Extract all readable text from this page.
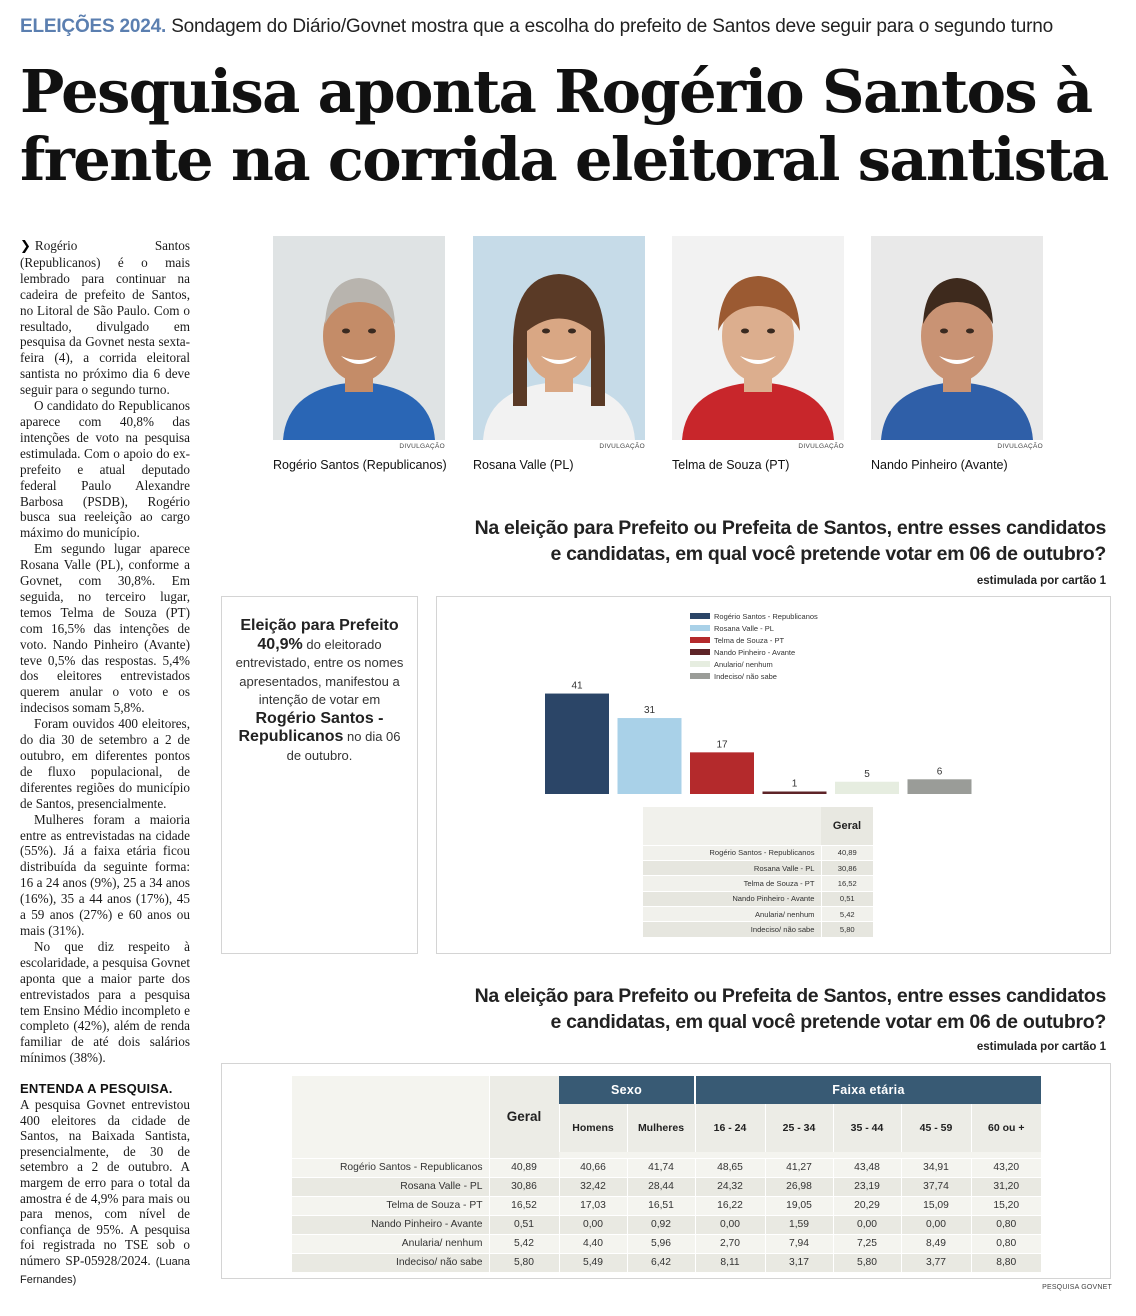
ELEIÇÕES 2024. Sondagem do Diário/Govnet mostra que a escolha do prefeito de Santos deve seguir para o segundo turno
Pesquisa aponta Rogério Santos à frente na corrida eleitoral santista

❯ Rogério Santos (Republicanos) é o mais lembrado para continuar na cadeira de prefeito de Santos, no Litoral de São Paulo. Com o resultado, divulgado em pesquisa da Govnet nesta sexta-feira (4), a corrida eleitoral santista no próximo dia 6 deve seguir para o segundo turno.

O candidato do Republicanos aparece com 40,8% das intenções de voto na pesquisa estimulada. Com o apoio do ex-prefeito e atual deputado federal Paulo Alexandre Barbosa (PSDB), Rogério busca sua reeleição ao cargo máximo do município.

Em segundo lugar aparece Rosana Valle (PL), conforme a Govnet, com 30,8%. Em seguida, no terceiro lugar, temos Telma de Souza (PT) com 16,5% das intenções de voto. Nando Pinheiro (Avante) teve 0,5% das respostas. 5,4% dos eleitores entrevistados querem anular o voto e os indecisos somam 5,8%.

Foram ouvidos 400 eleitores, do dia 30 de setembro a 2 de outubro, em diferentes pontos de fluxo populacional, de diferentes regiões do município de Santos, presencialmente.

Mulheres foram a maioria entre as entrevistadas na cidade (55%). Já a faixa etária ficou distribuída da seguinte forma: 16 a 24 anos (9%), 25 a 34 anos (16%), 35 a 44 anos (17%), 45 a 59 anos (27%) e 60 anos ou mais (31%).

No que diz respeito à escolaridade, a pesquisa Govnet aponta que a maior parte dos entrevistados para a pesquisa tem Ensino Médio incompleto e completo (42%), além de renda familiar de até dois salários mínimos (38%).

ENTENDA A PESQUISA.
A pesquisa Govnet entrevistou 400 eleitores da cidade de Santos, na Baixada Santista, presencialmente, de 30 de setembro a 2 de outubro. A margem de erro para o total da amostra é de 4,9% para mais ou para menos, com nível de confiança de 95%. A pesquisa foi registrada no TSE sob o número SP-05928/2024. (Luana Fernandes)
DIVULGAÇÃO
Rogério Santos (Republicanos)
DIVULGAÇÃO
Rosana Valle (PL)
DIVULGAÇÃO
Telma de Souza (PT)
DIVULGAÇÃO
Nando Pinheiro (Avante)
Na eleição para Prefeito ou Prefeita de Santos, entre esses candidatos
e candidatas, em qual você pretende votar em 06 de outubro?
estimulada por cartão 1
Eleição para Prefeito
40,9% do eleitorado entrevistado, entre os nomes apresentados, manifestou a intenção de votar em
Rogério Santos - Republicanos no dia 06 de outubro.
41
31
17
1
5	6
Rogério Santos - Republicanos
Rosana Valle - PL
Telma de Souza - PT
Nando Pinheiro - Avante
Anulario/ nenhum
Indeciso/ não sabe
	Geral
Rogério Santos - Republicanos	40,89
Rosana Valle - PL	30,86
Telma de Souza - PT	16,52
Nando Pinheiro - Avante	0,51
Anularia/ nenhum	5,42
Indeciso/ não sabe	5,80
Na eleição para Prefeito ou Prefeita de Santos, entre esses candidatos
e candidatas, em qual você pretende votar em 06 de outubro?
estimulada por cartão 1
	Geral	Sexo		Faixa etária				
		Homens	Mulheres	16 - 24	25 - 34	35 - 44	45 - 59	60 ou +

Rogério Santos - Republicanos	40,89	40,66	41,74	48,65	41,27	43,48	34,91	43,20
Rosana Valle - PL	30,86	32,42	28,44	24,32	26,98	23,19	37,74	31,20
Telma de Souza - PT	16,52	17,03	16,51	16,22	19,05	20,29	15,09	15,20
Nando Pinheiro - Avante	0,51	0,00	0,92	0,00	1,59	0,00	0,00	0,80
Anularia/ nenhum	5,42	4,40	5,96	2,70	7,94	7,25	8,49	0,80
Indeciso/ não sabe	5,80	5,49	6,42	8,11	3,17	5,80	3,77	8,80
PESQUISA GOVNET
